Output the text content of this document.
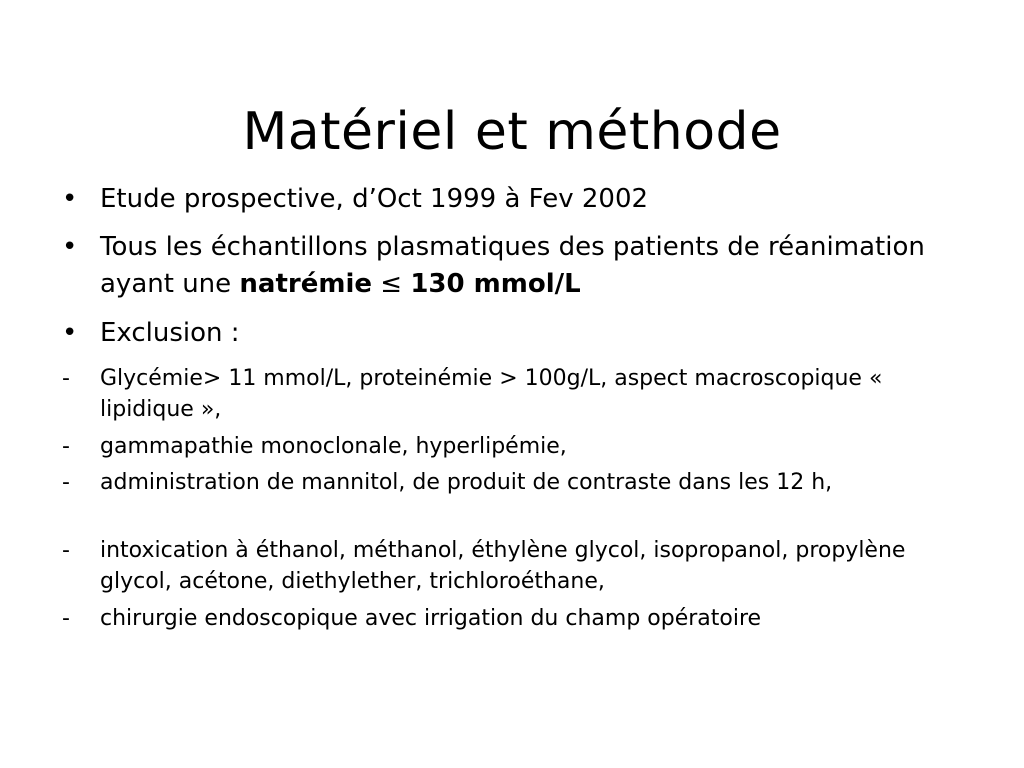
Matériel et méthode
• Etude prospective, d’Oct 1999 à Fev 2002
• Tous les échantillons plasmatiques des patients de réanimation ayant une natrémie ≤ 130 mmol/L
• Exclusion :
- Glycémie> 11 mmol/L, proteinémie > 100g/L, aspect macroscopique « lipidique »,
- gammapathie monoclonale, hyperlipémie,
- administration de mannitol, de produit de contraste dans les 12 h,
- intoxication à éthanol, méthanol, éthylène glycol, isopropanol, propylène glycol, acétone, diethylether, trichloroéthane,
- chirurgie endoscopique avec irrigation du champ opératoire
